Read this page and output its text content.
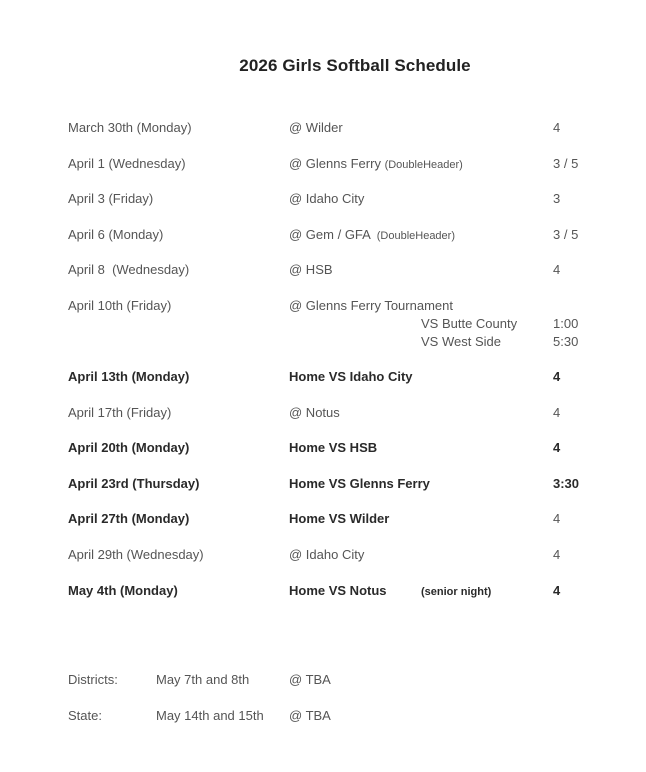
2026 Girls Softball Schedule
March 30th (Monday)	@ Wilder	4
April 1 (Wednesday)	@ Glenns Ferry (DoubleHeader)	3 / 5
April 3 (Friday)	@ Idaho City	3
April 6 (Monday)	@ Gem / GFA (DoubleHeader)	3 / 5
April 8  (Wednesday)	@ HSB	4
April 10th (Friday)	@ Glenns Ferry Tournament
VS Butte County	1:00
VS West Side	5:30
April 13th (Monday)	Home VS Idaho City	4
April 17th (Friday)	@ Notus	4
April 20th (Monday)	Home VS HSB	4
April 23rd (Thursday)	Home VS Glenns Ferry	3:30
April 27th (Monday)	Home VS Wilder	4
April 29th (Wednesday)	@ Idaho City	4
May 4th (Monday)	Home VS Notus	(senior night)	4
Districts:	May 7th and 8th	@ TBA
State:	May 14th and 15th @ TBA
